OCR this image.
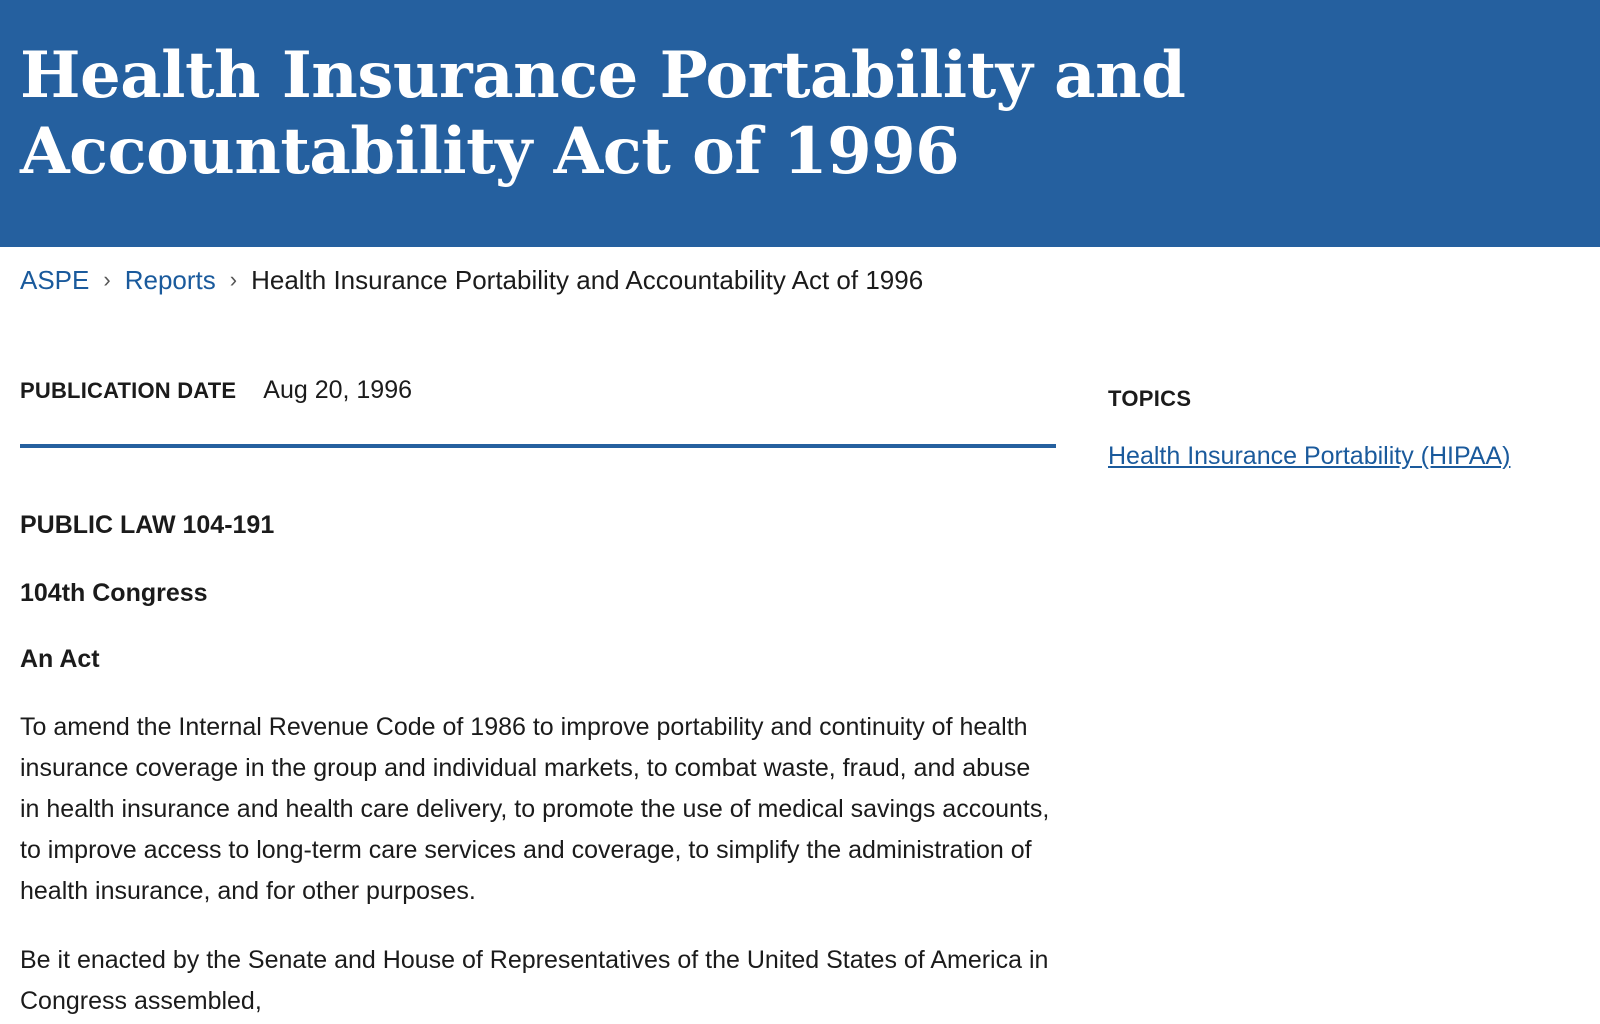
Health Insurance Portability and Accountability Act of 1996
ASPE › Reports › Health Insurance Portability and Accountability Act of 1996
PUBLICATION DATE Aug 20, 1996
PUBLIC LAW 104-191
104th Congress
An Act

To amend the Internal Revenue Code of 1986 to improve portability and continuity of health insurance coverage in the group and individual markets, to combat waste, fraud, and abuse in health insurance and health care delivery, to promote the use of medical savings accounts, to improve access to long-term care services and coverage, to simplify the administration of health insurance, and for other purposes.

Be it enacted by the Senate and House of Representatives of the United States of America in Congress assembled,

TOPICS
Health Insurance Portability (HIPAA)
